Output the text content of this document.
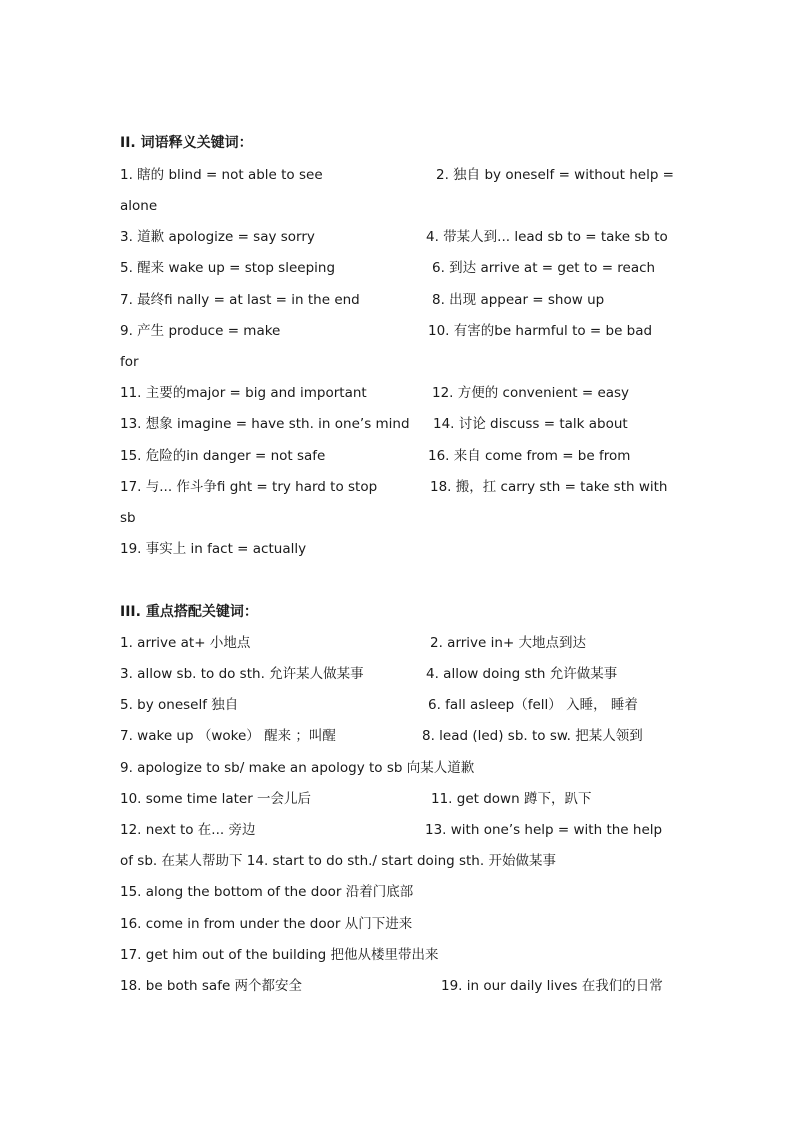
II. 词语释义关键词：
1. 瞎的 blind = not able to see	2. 独自 by oneself = without help =
alone
3. 道歉 apologize = say sorry	4. 带某人到... lead sb to = take sb to
5. 醒来 wake up = stop sleeping	6. 到达 arrive at = get to = reach
7. 最终fi nally = at last = in the end	8. 出现 appear = show up
9. 产生 produce = make	10. 有害的be harmful to = be bad
for
11. 主要的major = big and important	12. 方便的 convenient = easy
13. 想象 imagine = have sth. in one’s mind 14. 讨论 discuss = talk about
15. 危险的in danger = not safe	16. 来自 come from = be from
17. 与... 作斗争fi ght = try hard to stop	18. 搬，扛 carry sth = take sth with
sb
19. 事实上 in fact = actually
III. 重点搭配关键词：
1. arrive at+ 小地点	2. arrive in+ 大地点到达
3. allow sb. to do sth. 允许某人做某事	4. allow doing sth 允许做某事
5. by oneself 独自	6. fall asleep（fell） 入睡， 睡着
7. wake up （woke） 醒来 ；叫醒	8. lead (led) sb. to sw. 把某人领到
9. apologize to sb/ make an apology to sb 向某人道歉
10. some time later 一会儿后	11. get down 蹲下，趴下
12. next to 在... 旁边	13. with one’s help = with the help
of sb. 在某人帮助下 14. start to do sth./ start doing sth. 开始做某事
15. along the bottom of the door 沿着门底部
16. come in from under the door 从门下进来
17. get him out of the building 把他从楼里带出来
18. be both safe 两个都安全	19. in our daily lives 在我们的日常
